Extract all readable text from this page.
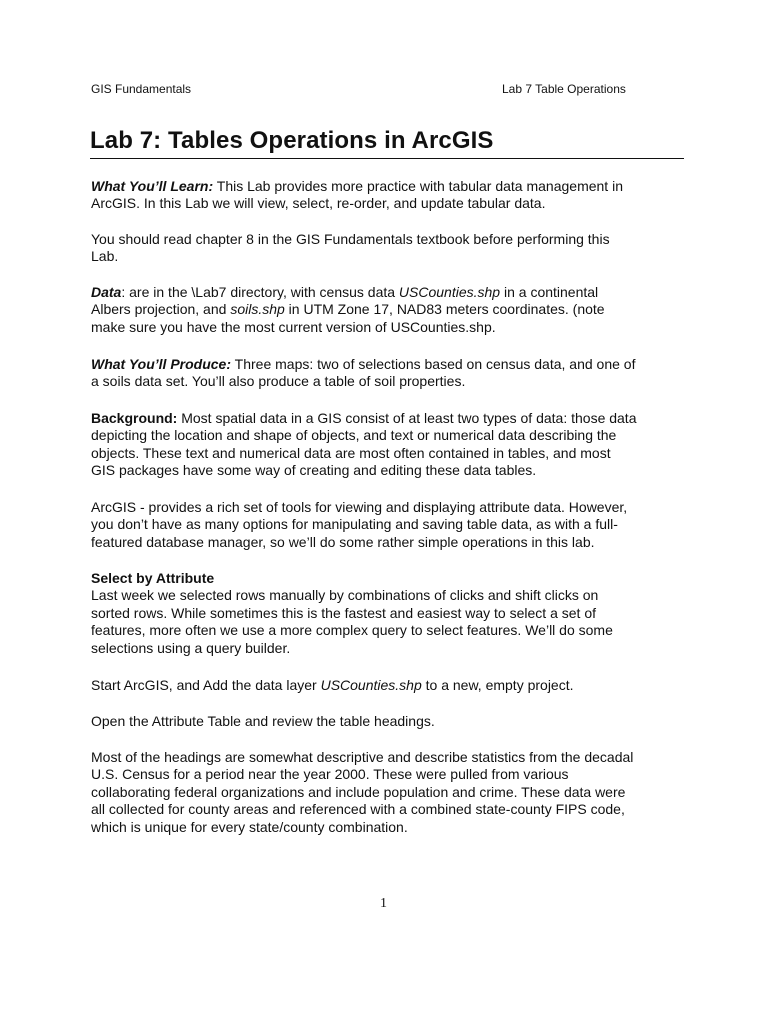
GIS Fundamentals	Lab 7 Table Operations
Lab 7: Tables Operations in ArcGIS

What You’ll Learn: This Lab provides more practice with tabular data management in
ArcGIS. In this Lab we will view, select, re-order, and update tabular data.

You should read chapter 8 in the GIS Fundamentals textbook before performing this
Lab.

Data: are in the \Lab7 directory, with census data USCounties.shp in a continental
Albers projection, and soils.shp in UTM Zone 17, NAD83 meters coordinates. (note
make sure you have the most current version of USCounties.shp.

What You’ll Produce: Three maps: two of selections based on census data, and one of
a soils data set. You’ll also produce a table of soil properties.

Background: Most spatial data in a GIS consist of at least two types of data: those data
depicting the location and shape of objects, and text or numerical data describing the
objects. These text and numerical data are most often contained in tables, and most
GIS packages have some way of creating and editing these data tables.

ArcGIS - provides a rich set of tools for viewing and displaying attribute data. However,
you don’t have as many options for manipulating and saving table data, as with a full-
featured database manager, so we’ll do some rather simple operations in this lab.

Select by Attribute
Last week we selected rows manually by combinations of clicks and shift clicks on
sorted rows. While sometimes this is the fastest and easiest way to select a set of
features, more often we use a more complex query to select features. We’ll do some
selections using a query builder.

Start ArcGIS, and Add the data layer USCounties.shp to a new, empty project.

Open the Attribute Table and review the table headings.

Most of the headings are somewhat descriptive and describe statistics from the decadal
U.S. Census for a period near the year 2000. These were pulled from various
collaborating federal organizations and include population and crime. These data were
all collected for county areas and referenced with a combined state-county FIPS code,
which is unique for every state/county combination.

1
